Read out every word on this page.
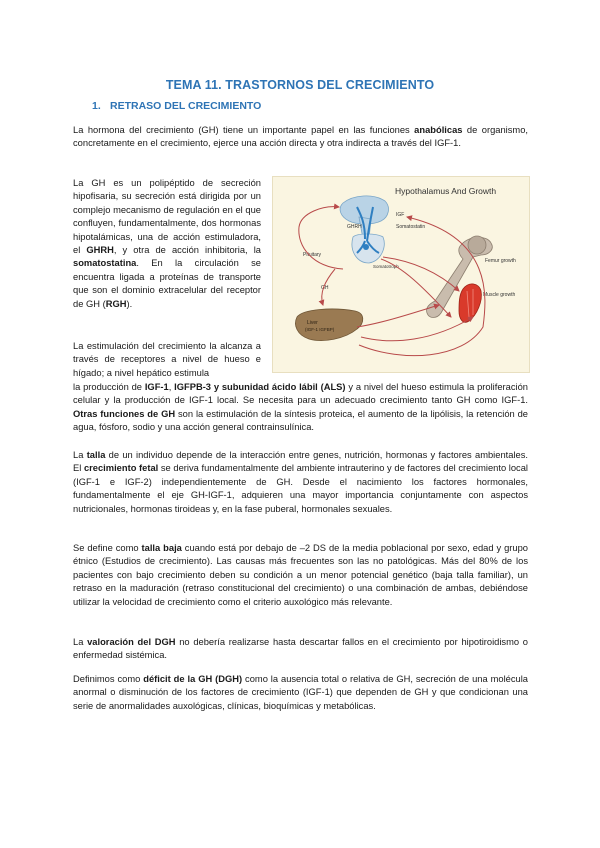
TEMA 11. TRASTORNOS DEL CRECIMIENTO
1. RETRASO DEL CRECIMIENTO
La hormona del crecimiento (GH) tiene un importante papel en las funciones anabólicas de organismo, concretamente en el crecimiento, ejerce una acción directa y otra indirecta a través del IGF-1.
La GH es un polipéptido de secreción hipofisaria, su secreción está dirigida por un complejo mecanismo de regulación en el que confluyen, fundamentalmente, dos hormonas hipotalámicas, una de acción estimuladora, el GHRH, y otra de acción inhibitoria, la somatostatina. En la circulación se encuentra ligada a proteínas de transporte que son el dominio extracelular del receptor de GH (RGH).
La estimulación del crecimiento la alcanza a través de receptores a nivel de hueso e hígado; a nivel hepático estimula
la producción de IGF-1, IGFPB-3 y subunidad ácido lábil (ALS) y a nivel del hueso estimula la proliferación celular y la producción de IGF-1 local. Se necesita para un adecuado crecimiento tanto GH como IGF-1. Otras funciones de GH son la estimulación de la síntesis proteica, el aumento de la lipólisis, la retención de agua, fósforo, sodio y una acción general contrainsulínica.
La talla de un individuo depende de la interacción entre genes, nutrición, hormonas y factores ambientales. El crecimiento fetal se deriva fundamentalmente del ambiente intrauterino y de factores del crecimiento local (IGF-1 e IGF-2) independientemente de GH. Desde el nacimiento los factores hormonales, fundamentalmente el eje GH-IGF-1, adquieren una mayor importancia conjuntamente con aspectos nutricionales, hormonas tiroideas y, en la fase puberal, hormonales sexuales.
Se define como talla baja cuando está por debajo de –2 DS de la media poblacional por sexo, edad y grupo étnico (Estudios de crecimiento). Las causas más frecuentes son las no patológicas. Más del 80% de los pacientes con bajo crecimiento deben su condición a un menor potencial genético (baja talla familiar), un retraso en la maduración (retraso constitucional del crecimiento) o una combinación de ambas, debiéndose utilizar la velocidad de crecimiento como el criterio auxológico más relevante.
La valoración del DGH no debería realizarse hasta descartar fallos en el crecimiento por hipotiroidismo o enfermedad sistémica.
Definimos como déficit de la GH (DGH) como la ausencia total o relativa de GH, secreción de una molécula anormal o disminución de los factores de crecimiento (IGF-1) que dependen de GH y que condicionan una serie de anormalidades auxológicas, clínicas, bioquímicas y metabólicas.
Hypothalamus And Growth
GHRH
IGF
Somatostatin
Pituitary
Somatotroph
GH
Liver
(IGF-1 IGFBP)
Femur growth
Muscle growth
